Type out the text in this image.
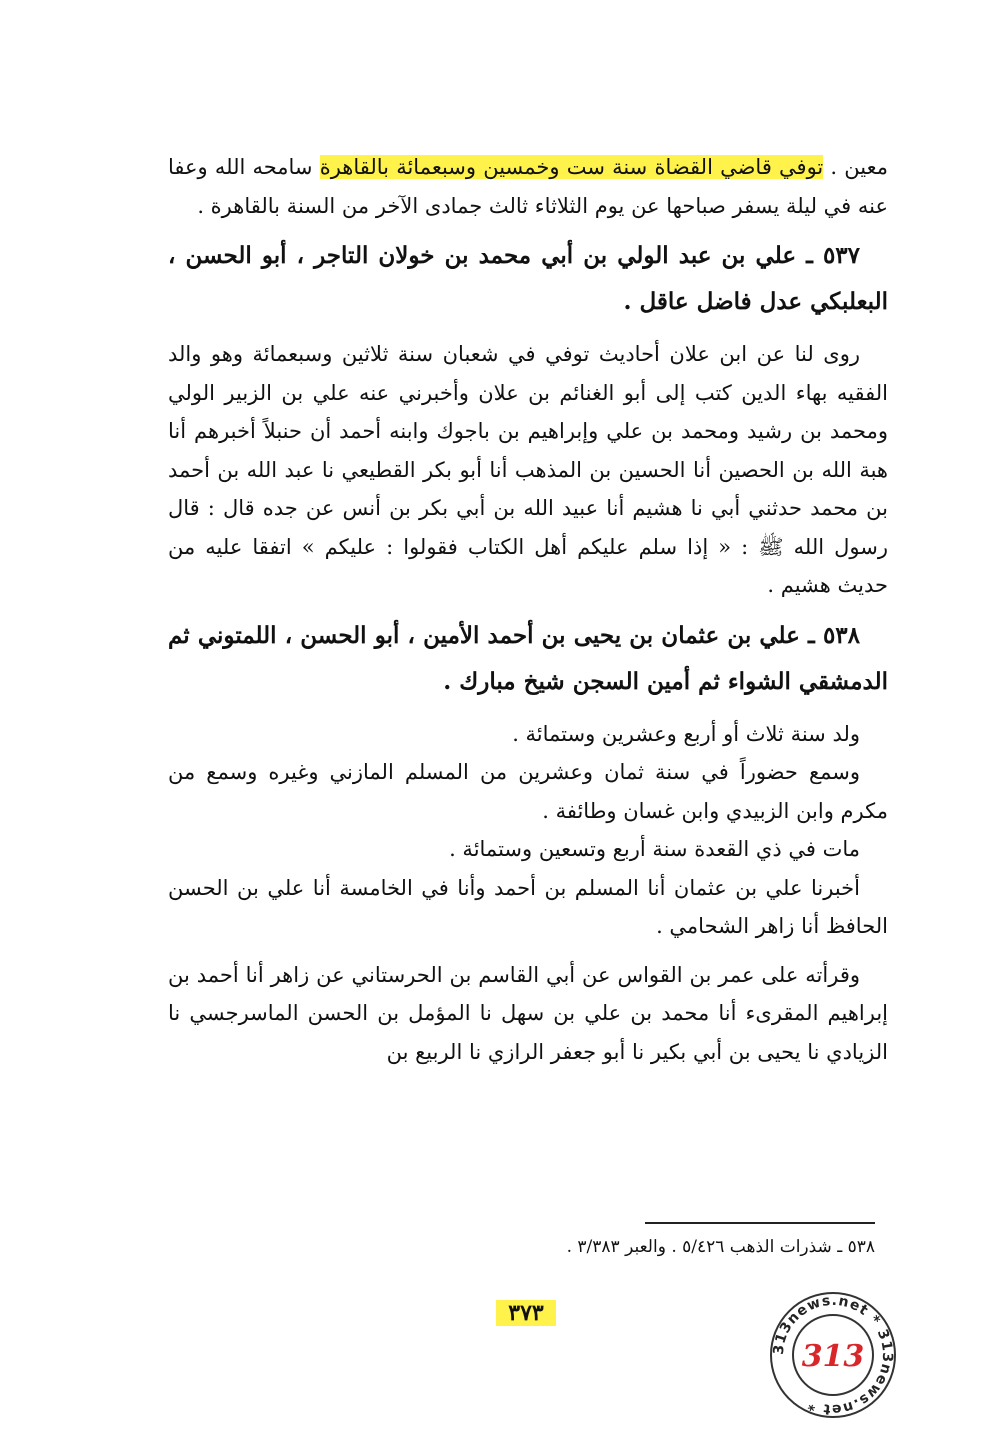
معين . توفي قاضي القضاة سنة ست وخمسين وسبعمائة بالقاهرة سامحه الله وعفا عنه في ليلة يسفر صباحها عن يوم الثلاثاء ثالث جمادى الآخر من السنة بالقاهرة .

٥٣٧ ـ علي بن عبد الولي بن أبي محمد بن خولان التاجر ، أبو الحسن ، البعلبكي عدل فاضل عاقل .

روى لنا عن ابن علان أحاديث توفي في شعبان سنة ثلاثين وسبعمائة وهو والد الفقيه بهاء الدين كتب إلى أبو الغنائم بن علان وأخبرني عنه علي بن الزبير الولي ومحمد بن رشيد ومحمد بن علي وإبراهيم بن باجوك وابنه أحمد أن حنبلاً أخبرهم أنا هبة الله بن الحصين أنا الحسين بن المذهب أنا أبو بكر القطيعي نا عبد الله بن أحمد بن محمد حدثني أبي نا هشيم أنا عبيد الله بن أبي بكر بن أنس عن جده قال : قال رسول الله ﷺ : « إذا سلم عليكم أهل الكتاب فقولوا : عليكم » اتفقا عليه من حديث هشيم .

٥٣٨ ـ علي بن عثمان بن يحيى بن أحمد الأمين ، أبو الحسن ، اللمتوني ثم الدمشقي الشواء ثم أمين السجن شيخ مبارك .

ولد سنة ثلاث أو أربع وعشرين وستمائة .

وسمع حضوراً في سنة ثمان وعشرين من المسلم المازني وغيره وسمع من مكرم وابن الزبيدي وابن غسان وطائفة .

مات في ذي القعدة سنة أربع وتسعين وستمائة .

أخبرنا علي بن عثمان أنا المسلم بن أحمد وأنا في الخامسة أنا علي بن الحسن الحافظ أنا زاهر الشحامي .

وقرأته على عمر بن القواس عن أبي القاسم بن الحرستاني عن زاهر أنا أحمد بن إبراهيم المقرىء أنا محمد بن علي بن سهل نا المؤمل بن الحسن الماسرجسي نا الزيادي نا يحيى بن أبي بكير نا أبو جعفر الرازي نا الربيع بن

٥٣٨ ـ شذرات الذهب ٥/٤٢٦ . والعبر ٣/٣٨٣ .
٣٧٣
313news.net * 313news.net *
313
